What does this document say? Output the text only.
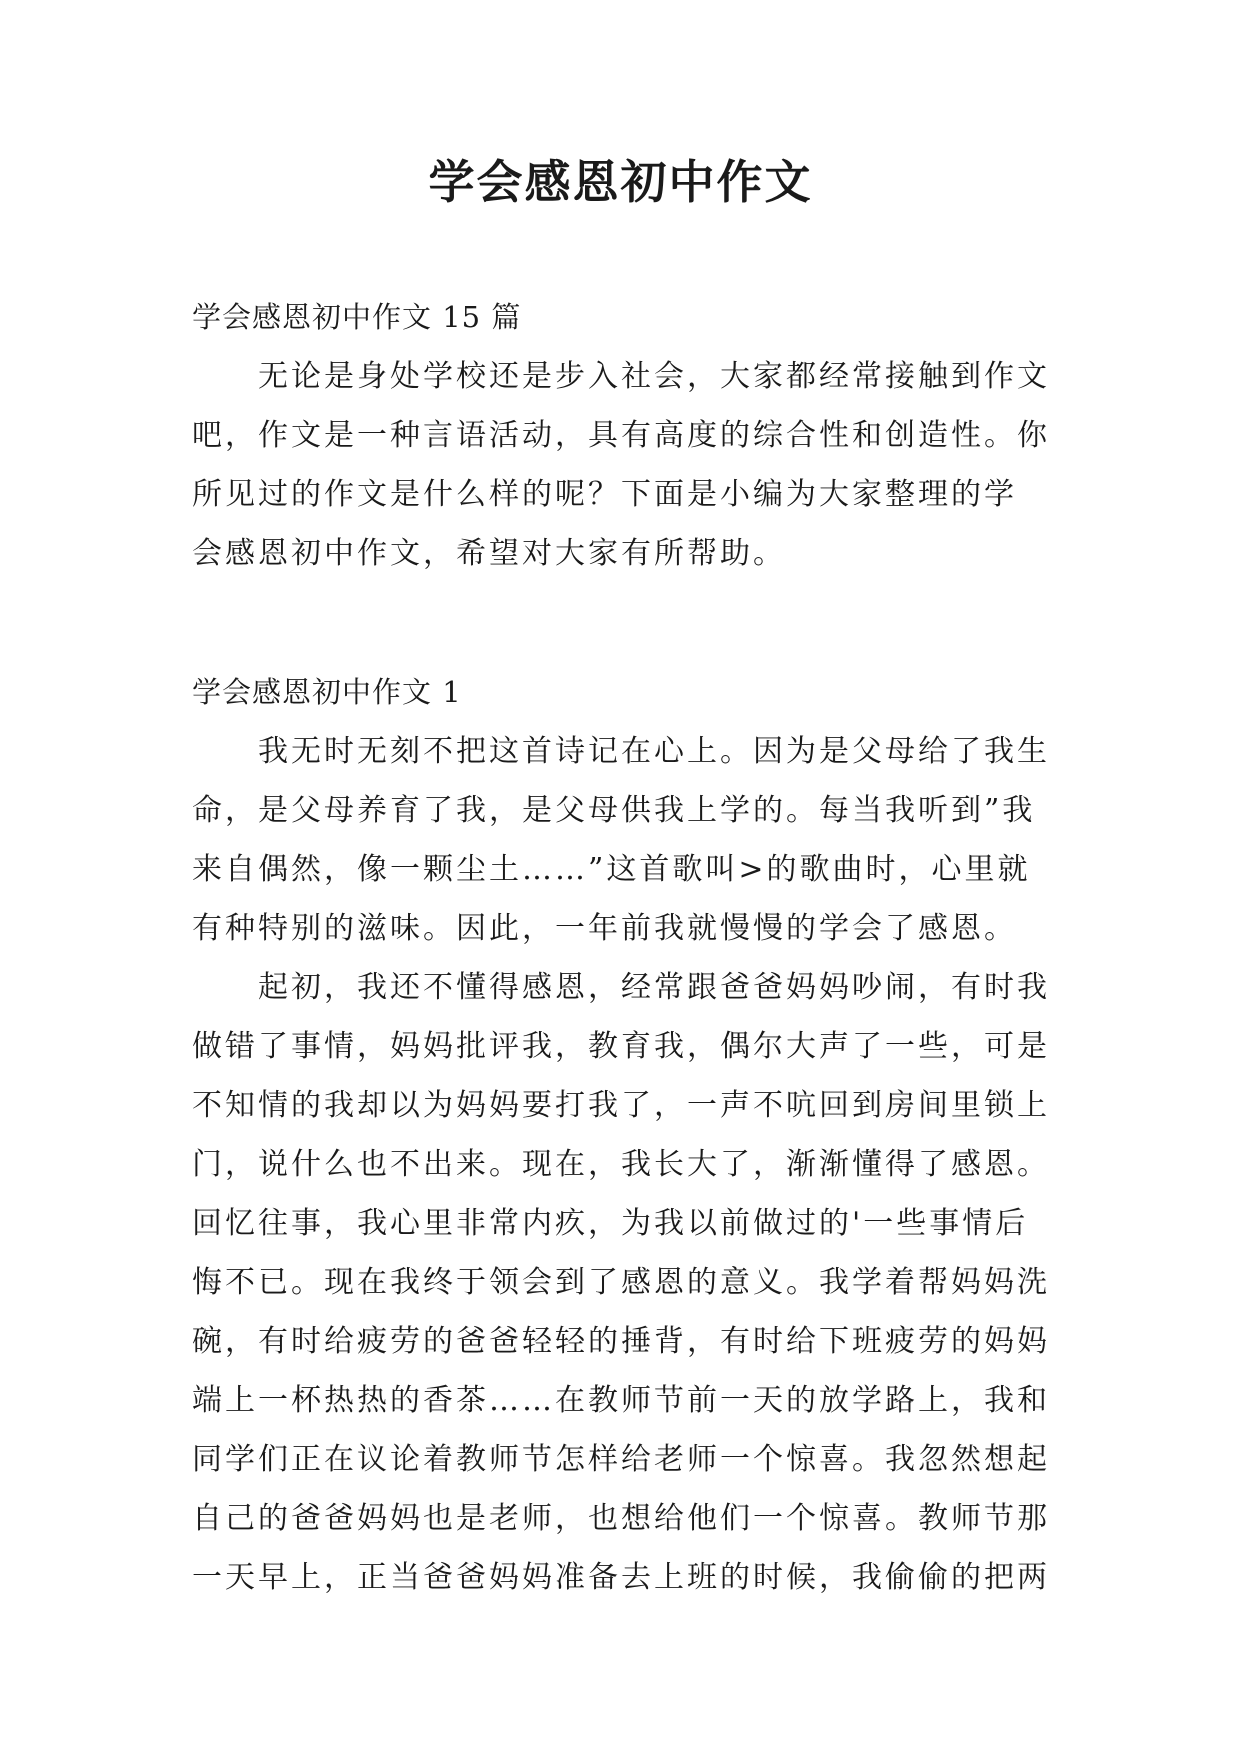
学会感恩初中作文

学会感恩初中作文 15 篇

无论是身处学校还是步入社会，大家都经常接触到作文

吧，作文是一种言语活动，具有高度的综合性和创造性。你

所见过的作文是什么样的呢？下面是小编为大家整理的学

会感恩初中作文，希望对大家有所帮助。

学会感恩初中作文 1

我无时无刻不把这首诗记在心上。因为是父母给了我生

命，是父母养育了我，是父母供我上学的。每当我听到”我

来自偶然，像一颗尘土……”这首歌叫>的歌曲时，心里就

有种特别的滋味。因此，一年前我就慢慢的学会了感恩。

起初，我还不懂得感恩，经常跟爸爸妈妈吵闹，有时我

做错了事情，妈妈批评我，教育我，偶尔大声了一些，可是

不知情的我却以为妈妈要打我了，一声不吭回到房间里锁上

门，说什么也不出来。现在，我长大了，渐渐懂得了感恩。

回忆往事，我心里非常内疚，为我以前做过的'一些事情后

悔不已。现在我终于领会到了感恩的意义。我学着帮妈妈洗

碗，有时给疲劳的爸爸轻轻的捶背，有时给下班疲劳的妈妈

端上一杯热热的香茶……在教师节前一天的放学路上，我和

同学们正在议论着教师节怎样给老师一个惊喜。我忽然想起

自己的爸爸妈妈也是老师，也想给他们一个惊喜。教师节那

一天早上，正当爸爸妈妈准备去上班的时候，我偷偷的把两
